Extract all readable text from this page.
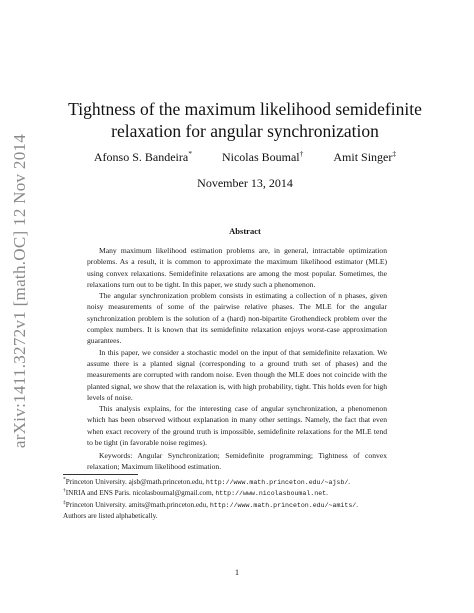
arXiv:1411.3272v1 [math.OC] 12 Nov 2014
Tightness of the maximum likelihood semidefinite relaxation for angular synchronization
Afonso S. Bandeira*	Nicolas Boumal†	Amit Singer‡
November 13, 2014
Abstract

Many maximum likelihood estimation problems are, in general, intractable optimization problems. As a result, it is common to approximate the maximum likelihood estimator (MLE) using convex relaxations. Semidefinite relaxations are among the most popular. Sometimes, the relaxations turn out to be tight. In this paper, we study such a phenomenon.

The angular synchronization problem consists in estimating a collection of n phases, given noisy measurements of some of the pairwise relative phases. The MLE for the angular synchronization problem is the solution of a (hard) non-bipartite Grothendieck problem over the complex numbers. It is known that its semidefinite relaxation enjoys worst-case approximation guarantees.

In this paper, we consider a stochastic model on the input of that semidefinite relaxation. We assume there is a planted signal (corresponding to a ground truth set of phases) and the measurements are corrupted with random noise. Even though the MLE does not coincide with the planted signal, we show that the relaxation is, with high probability, tight. This holds even for high levels of noise.

This analysis explains, for the interesting case of angular synchronization, a phenomenon which has been observed without explanation in many other settings. Namely, the fact that even when exact recovery of the ground truth is impossible, semidefinite relaxations for the MLE tend to be tight (in favorable noise regimes).

Keywords: Angular Synchronization; Semidefinite programming; Tightness of convex relaxation; Maximum likelihood estimation.
*Princeton University. ajsb@math.princeton.edu, http://www.math.princeton.edu/~ajsb/.
†INRIA and ENS Paris. nicolasboumal@gmail.com, http://www.nicolasboumal.net.
‡Princeton University. amits@math.princeton.edu, http://www.math.princeton.edu/~amits/.
Authors are listed alphabetically.
1
